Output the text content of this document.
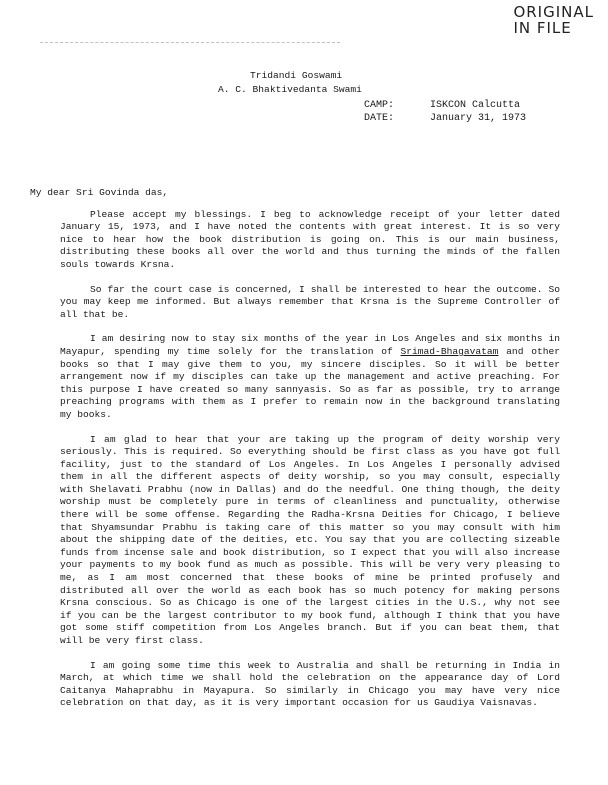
ORIGINAL
IN FILE
Tridandi Goswami
A. C. Bhaktivedanta Swami
CAMP:	ISKCON Calcutta
DATE:	January 31, 1973

My dear Sri Govinda das,

Please accept my blessings. I beg to acknowledge receipt of your letter dated January 15, 1973, and I have noted the contents with great interest. It is so very nice to hear how the book distribution is going on. This is our main business, distributing these books all over the world and thus turning the minds of the fallen souls towards Krsna.

So far the court case is concerned, I shall be interested to hear the outcome. So you may keep me informed. But always remember that Krsna is the Supreme Controller of all that be.

I am desiring now to stay six months of the year in Los Angeles and six months in Mayapur, spending my time solely for the translation of Srimad-Bhagavatam and other books so that I may give them to you, my sincere disciples. So it will be better arrangement now if my disciples can take up the management and active preaching. For this purpose I have created so many sannyasis. So as far as possible, try to arrange preaching programs with them as I prefer to remain now in the background translating my books.

I am glad to hear that your are taking up the program of deity worship very seriously. This is required. So everything should be first class as you have got full facility, just to the standard of Los Angeles. In Los Angeles I personally advised them in all the different aspects of deity worship, so you may consult, especially with Shelavati Prabhu (now in Dallas) and do the needful. One thing though, the deity worship must be completely pure in terms of cleanliness and punctuality, otherwise there will be some offense. Regarding the Radha-Krsna Deities for Chicago, I believe that Shyamsundar Prabhu is taking care of this matter so you may consult with him about the shipping date of the deities, etc. You say that you are collecting sizeable funds from incense sale and book distribution, so I expect that you will also increase your payments to my book fund as much as possible. This will be very very pleasing to me, as I am most concerned that these books of mine be printed profusely and distributed all over the world as each book has so much potency for making persons Krsna conscious. So as Chicago is one of the largest cities in the U.S., why not see if you can be the largest contributor to my book fund, although I think that you have got some stiff competition from Los Angeles branch. But if you can beat them, that will be very first class.

I am going some time this week to Australia and shall be returning in India in March, at which time we shall hold the celebration on the appearance day of Lord Caitanya Mahaprabhu in Mayapura. So similarly in Chicago you may have very nice celebration on that day, as it is very important occasion for us Gaudiya Vaisnavas.
